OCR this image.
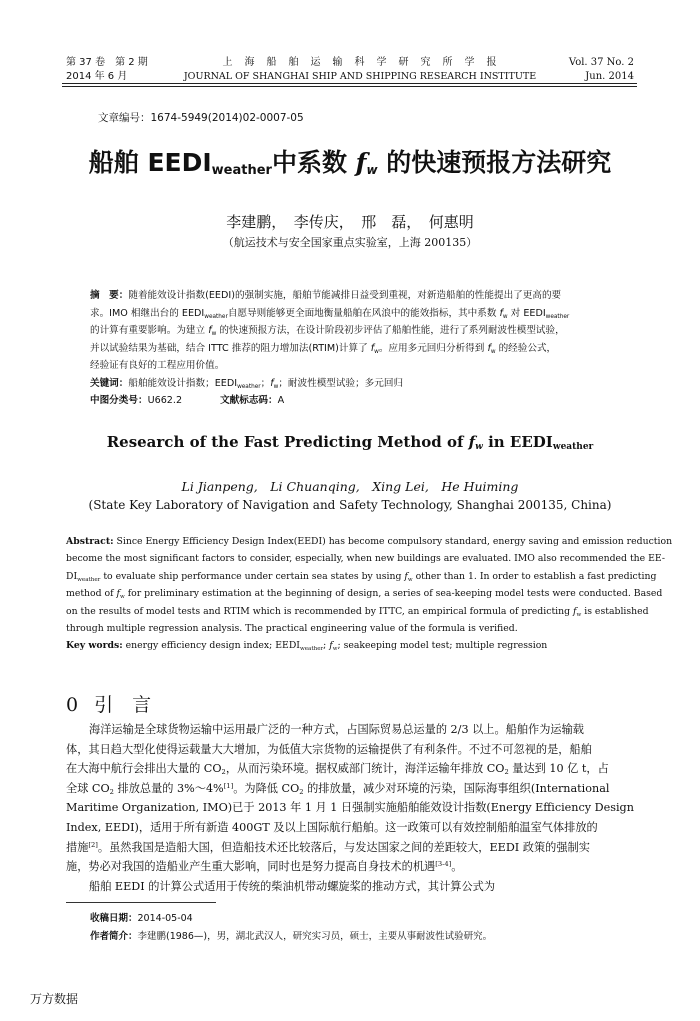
第 37 卷　第 2 期
2014 年 6 月
上　海　船　舶　运　输　科　学　研　究　所　学　报
JOURNAL OF SHANGHAI SHIP AND SHIPPING RESEARCH INSTITUTE
Vol. 37 No. 2
Jun. 2014
文章编号：1674-5949(2014)02-0007-05
船舶 $EEDI_{weather}$中系数 $f_w$ 的快速预报方法研究
李建鹏，　李传庆，　邢　磊，　何惠明
（航运技术与安全国家重点实验室，上海 200135）
摘　要：随着能效设计指数(EEDI)的强制实施，船舶节能减排日益受到重视，对新造船舶的性能提出了更高的要
求。IMO 相继出台的 $EEDI_{weather}$自愿导则能够更全面地衡量船舶在风浪中的能效指标，其中系数 $f_w$ 对 $EEDI_{weather}$
的计算有重要影响。为建立 $f_w$ 的快速预报方法，在设计阶段初步评估了船舶性能，进行了系列耐波性模型试验，
并以试验结果为基础，结合 ITTC 推荐的阻力增加法(RTIM)计算了 $f_w$。应用多元回归分析得到 $f_w$ 的经验公式，
经验证有良好的工程应用价值。
关键词：船舶能效设计指数；$EEDI_{weather}$；$f_w$；耐波性模型试验；多元回归
中图分类号：U662.2	文献标志码：A
Research of the Fast Predicting Method of $f_w$ in $EEDI_{weather}$
Li Jianpeng,　Li Chuanqing,　Xing Lei,　He Huiming
(State Key Laboratory of Navigation and Safety Technology, Shanghai 200135, China)
Abstract: Since Energy Efficiency Design Index(EEDI) has become compulsory standard, energy saving and emission reduction
become the most significant factors to consider, especially, when new buildings are evaluated. IMO also recommended the EE-
$DI_{weather}$ to evaluate ship performance under certain sea states by using $f_w$ other than 1. In order to establish a fast predicting
method of $f_w$ for preliminary estimation at the beginning of design, a series of sea-keeping model tests were conducted. Based
on the results of model tests and RTIM which is recommended by ITTC, an empirical formula of predicting $f_w$ is established
through multiple regression analysis. The practical engineering value of the formula is verified.
Key words: energy efficiency design index; $EEDI_{weather}$; $f_w$; seakeeping model test; multiple regression
0 引　言
海洋运输是全球货物运输中运用最广泛的一种方式，占国际贸易总运量的 2/3 以上。船舶作为运输载
体，其日趋大型化使得运载量大大增加，为低值大宗货物的运输提供了有利条件。不过不可忽视的是，船舶
在大海中航行会排出大量的 $CO_2$，从而污染环境。据权威部门统计，海洋运输年排放 $CO_2$ 量达到 10 亿 t，占
全球 $CO_2$ 排放总量的 3%～4%[1]。为降低 $CO_2$ 的排放量，减少对环境的污染，国际海事组织(International
Maritime Organization, IMO)已于 2013 年 1 月 1 日强制实施船舶能效设计指数(Energy Efficiency Design
Index, EEDI)，适用于所有新造 400GT 及以上国际航行船舶。这一政策可以有效控制船舶温室气体排放的
措施[2]。虽然我国是造船大国，但造船技术还比较落后，与发达国家之间的差距较大，EEDI 政策的强制实
施，势必对我国的造船业产生重大影响，同时也是努力提高自身技术的机遇[3-4]。
船舶 EEDI 的计算公式适用于传统的柴油机带动螺旋桨的推动方式，其计算公式为
收稿日期：2014-05-04
作者简介：李建鹏(1986—)，男，湖北武汉人，研究实习员，硕士，主要从事耐波性试验研究。
万方数据
